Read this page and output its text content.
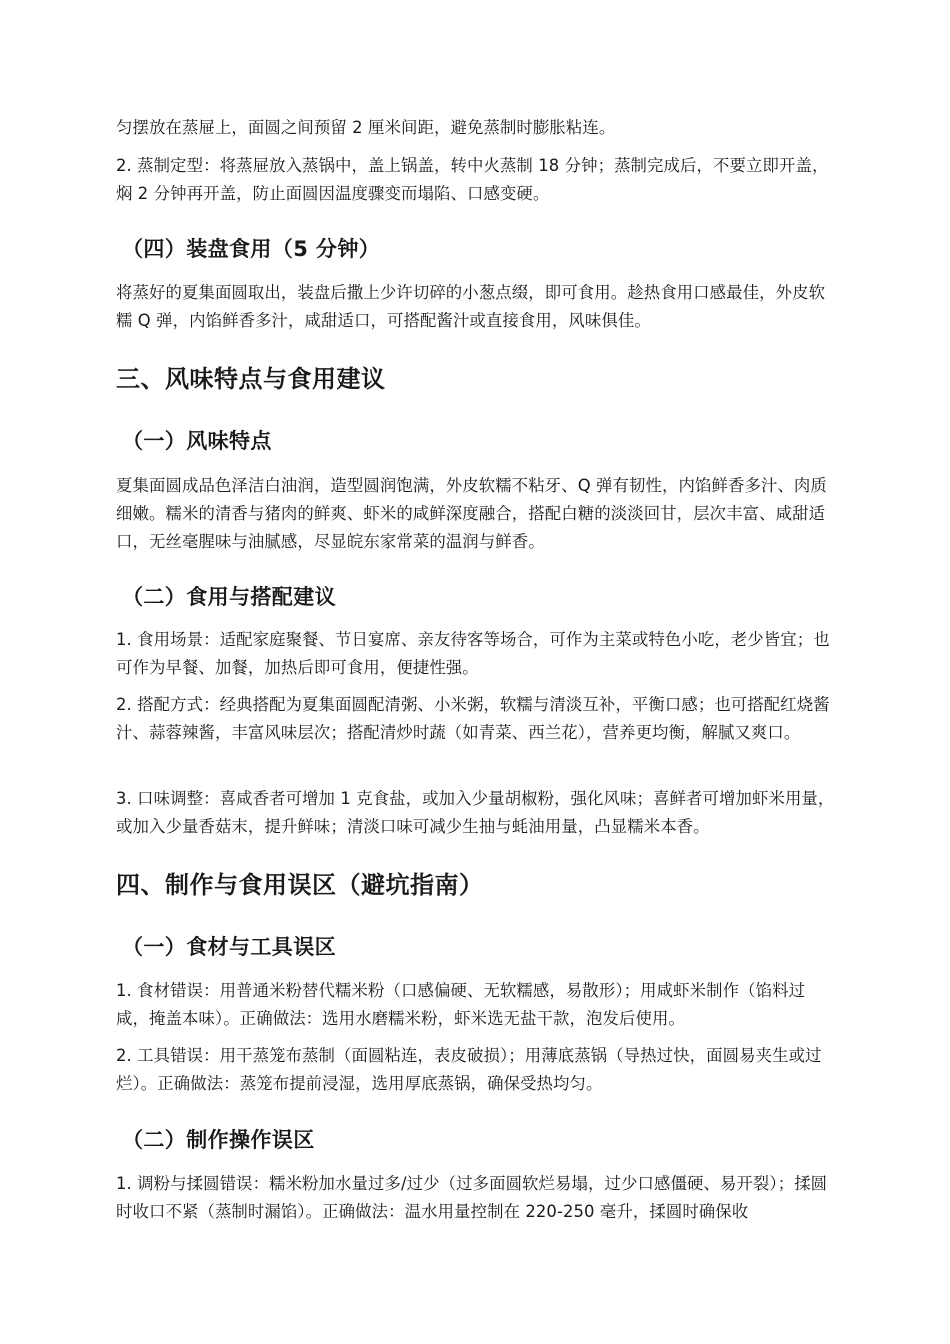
匀摆放在蒸屉上，面圆之间预留 2 厘米间距，避免蒸制时膨胀粘连。

2. 蒸制定型：将蒸屉放入蒸锅中，盖上锅盖，转中火蒸制 18 分钟；蒸制完成后，不要立即开盖，焖 2 分钟再开盖，防止面圆因温度骤变而塌陷、口感变硬。

（四）装盘食用（5 分钟）

将蒸好的夏集面圆取出，装盘后撒上少许切碎的小葱点缀，即可食用。趁热食用口感最佳，外皮软糯 Q 弹，内馅鲜香多汁，咸甜适口，可搭配酱汁或直接食用，风味俱佳。

三、风味特点与食用建议
（一）风味特点

夏集面圆成品色泽洁白油润，造型圆润饱满，外皮软糯不粘牙、Q 弹有韧性，内馅鲜香多汁、肉质细嫩。糯米的清香与猪肉的鲜爽、虾米的咸鲜深度融合，搭配白糖的淡淡回甘，层次丰富、咸甜适口，无丝毫腥味与油腻感，尽显皖东家常菜的温润与鲜香。

（二）食用与搭配建议

1. 食用场景：适配家庭聚餐、节日宴席、亲友待客等场合，可作为主菜或特色小吃，老少皆宜；也可作为早餐、加餐，加热后即可食用，便捷性强。

2. 搭配方式：经典搭配为夏集面圆配清粥、小米粥，软糯与清淡互补，平衡口感；也可搭配红烧酱汁、蒜蓉辣酱，丰富风味层次；搭配清炒时蔬（如青菜、西兰花），营养更均衡，解腻又爽口。

3. 口味调整：喜咸香者可增加 1 克食盐，或加入少量胡椒粉，强化风味；喜鲜者可增加虾米用量，或加入少量香菇末，提升鲜味；清淡口味可减少生抽与蚝油用量，凸显糯米本香。

四、制作与食用误区（避坑指南）
（一）食材与工具误区

1. 食材错误：用普通米粉替代糯米粉（口感偏硬、无软糯感，易散形）；用咸虾米制作（馅料过咸，掩盖本味）。正确做法：选用水磨糯米粉，虾米选无盐干款，泡发后使用。

2. 工具错误：用干蒸笼布蒸制（面圆粘连，表皮破损）；用薄底蒸锅（导热过快，面圆易夹生或过烂）。正确做法：蒸笼布提前浸湿，选用厚底蒸锅，确保受热均匀。

（二）制作操作误区

1. 调粉与揉圆错误：糯米粉加水量过多/过少（过多面圆软烂易塌，过少口感僵硬、易开裂）；揉圆时收口不紧（蒸制时漏馅）。正确做法：温水用量控制在 220-250 毫升，揉圆时确保收
